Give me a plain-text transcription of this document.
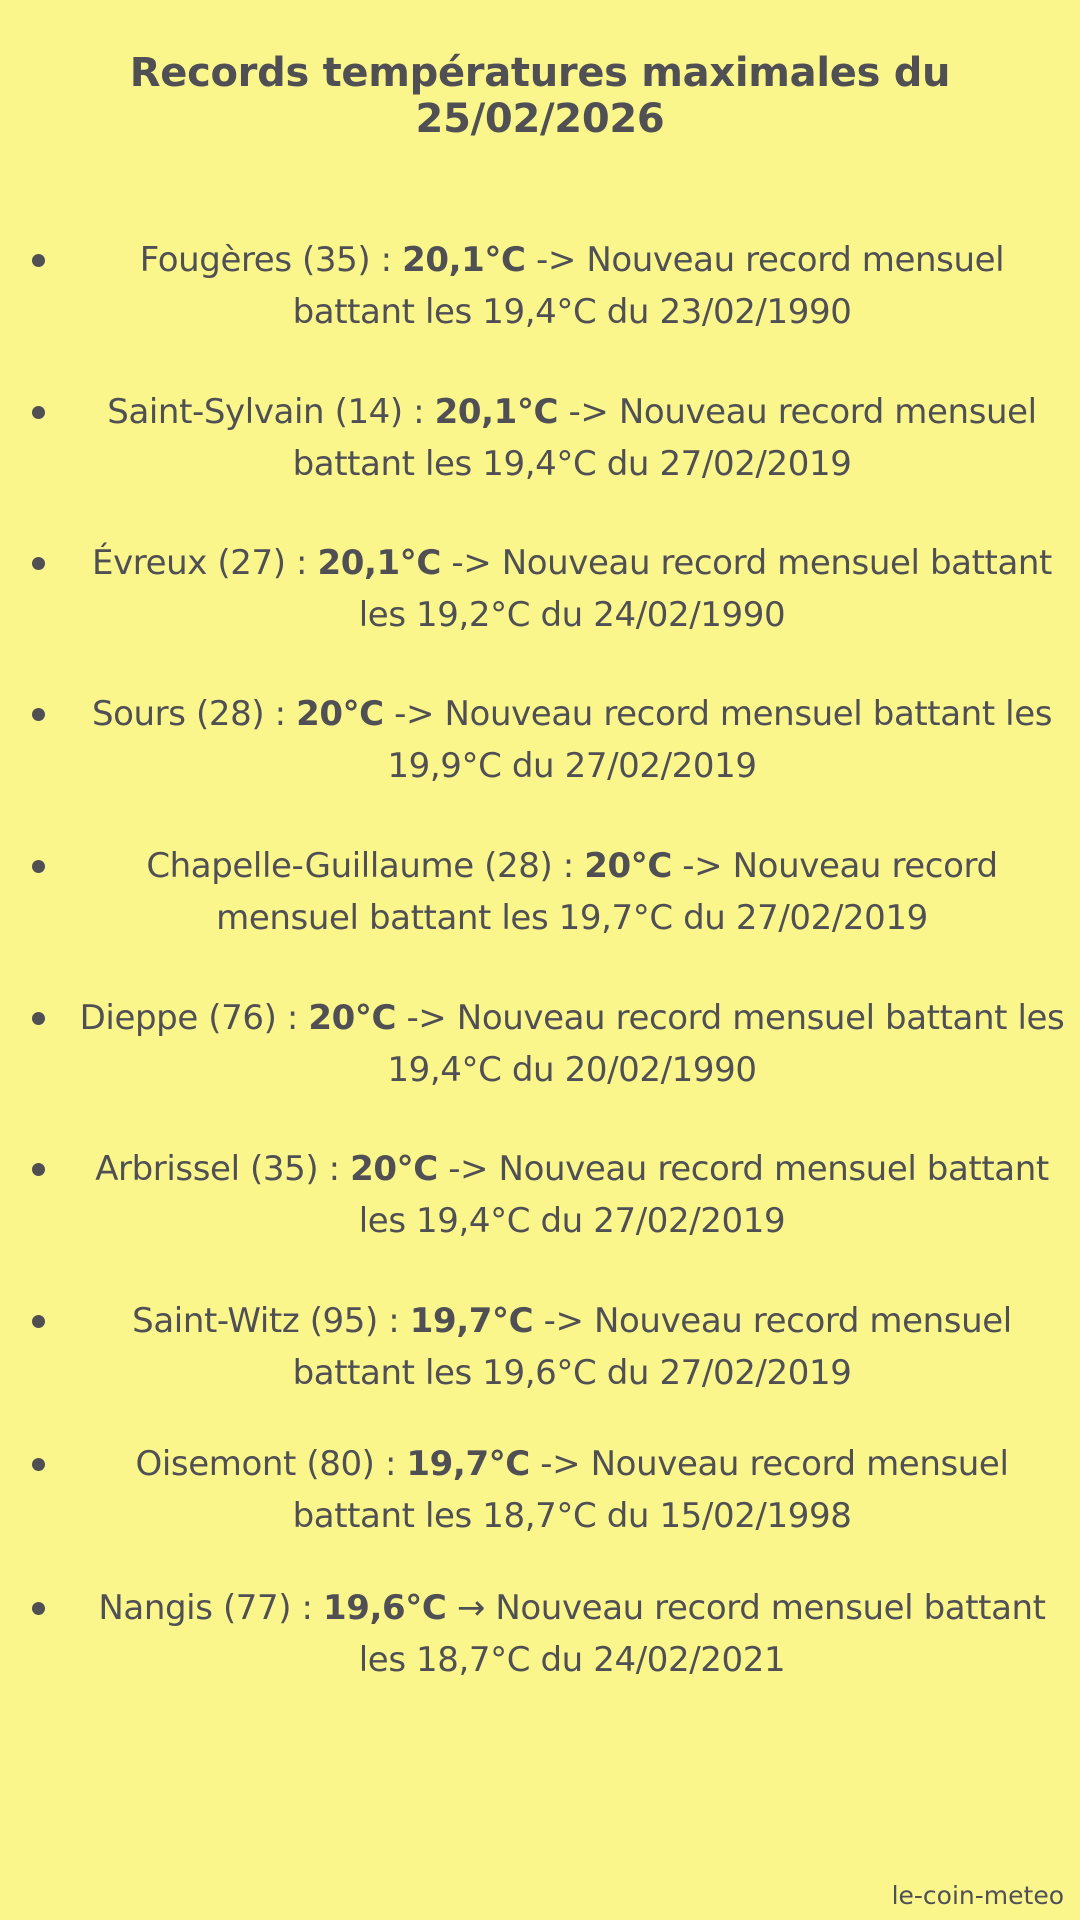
Records températures maximales du 25/02/2026
Fougères (35) : 20,1°C -> Nouveau record mensuel
battant les 19,4°C du 23/02/1990
Saint-Sylvain (14) : 20,1°C -> Nouveau record mensuel
battant les 19,4°C du 27/02/2019
Évreux (27) : 20,1°C -> Nouveau record mensuel battant
les 19,2°C du 24/02/1990
Sours (28) : 20°C -> Nouveau record mensuel battant les
19,9°C du 27/02/2019
Chapelle-Guillaume (28) : 20°C -> Nouveau record
mensuel battant les 19,7°C du 27/02/2019
Dieppe (76) : 20°C -> Nouveau record mensuel battant les
19,4°C du 20/02/1990
Arbrissel (35) : 20°C -> Nouveau record mensuel battant
les 19,4°C du 27/02/2019
Saint-Witz (95) : 19,7°C -> Nouveau record mensuel
battant les 19,6°C du 27/02/2019
Oisemont (80) : 19,7°C -> Nouveau record mensuel
battant les 18,7°C du 15/02/1998
Nangis (77) : 19,6°C → Nouveau record mensuel battant
les 18,7°C du 24/02/2021
le-coin-meteo
